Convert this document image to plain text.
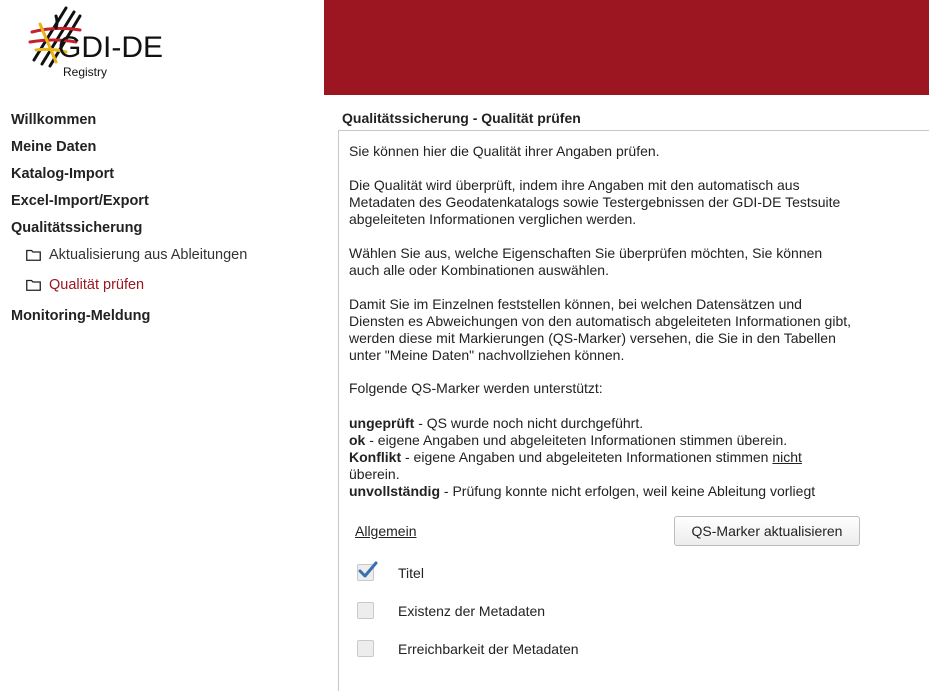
GDI-DE
Registry
Willkommen
Meine Daten
Katalog-Import
Excel-Import/Export
Qualitätssicherung
Aktualisierung aus Ableitungen
Qualität prüfen
Monitoring-Meldung
Qualitätssicherung - Qualität prüfen
Sie können hier die Qualität ihrer Angaben prüfen.
Die Qualität wird überprüft, indem ihre Angaben mit den automatisch aus
Metadaten des Geodatenkatalogs sowie Testergebnissen der GDI-DE Testsuite
abgeleiteten Informationen verglichen werden.
Wählen Sie aus, welche Eigenschaften Sie überprüfen möchten, Sie können
auch alle oder Kombinationen auswählen.
Damit Sie im Einzelnen feststellen können, bei welchen Datensätzen und
Diensten es Abweichungen von den automatisch abgeleiteten Informationen gibt,
werden diese mit Markierungen (QS-Marker) versehen, die Sie in den Tabellen
unter "Meine Daten" nachvollziehen können.
Folgende QS-Marker werden unterstützt:
ungeprüft - QS wurde noch nicht durchgeführt.
ok - eigene Angaben und abgeleiteten Informationen stimmen überein.
Konflikt - eigene Angaben und abgeleiteten Informationen stimmen nicht
überein.
unvollständig - Prüfung konnte nicht erfolgen, weil keine Ableitung vorliegt
Allgemein	QS-Marker aktualisieren
Titel
Existenz der Metadaten
Erreichbarkeit der Metadaten
